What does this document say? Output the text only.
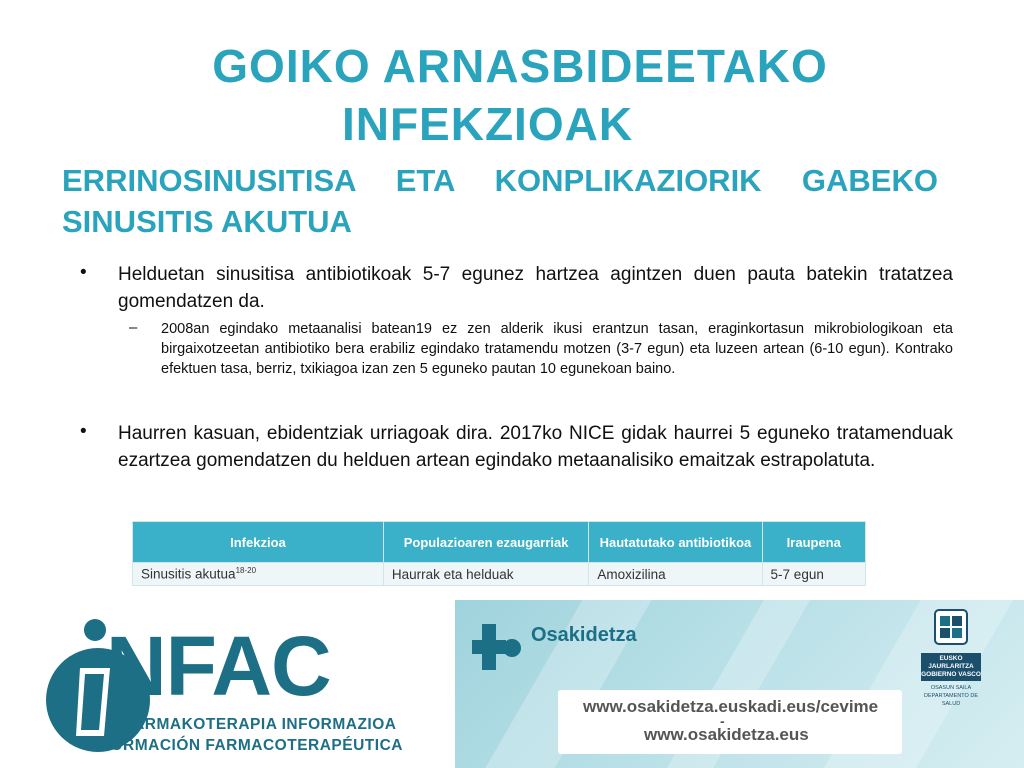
GOIKO ARNASBIDEETAKO
INFEKZIOAK
ERRINOSINUSITISA ETA KONPLIKAZIORIK GABEKO SINUSITIS AKUTUA
• Helduetan sinusitisa antibiotikoak 5-7 egunez hartzea agintzen duen pauta batekin tratatzea gomendatzen da.

– 2008an egindako metaanalisi batean19 ez zen alderik ikusi erantzun tasan, eraginkortasun mikrobiologikoan eta birgaixotzeetan antibiotiko bera erabiliz egindako tratamendu motzen (3-7 egun) eta luzeen artean (6-10 egun). Kontrako efektuen tasa, berriz, txikiagoa izan zen 5 eguneko pautan 10 egunekoan baino.

• Haurren kasuan, ebidentziak urriagoak dira. 2017ko NICE gidak haurrei 5 eguneko tratamenduak ezartzea gomendatzen du helduen artean egindako metaanalisiko emaitzak estrapolatuta.

Infekzioa	Populazioaren ezaugarriak	Hautatutako antibiotikoa	Iraupena
Sinusitis akutua$^{18-20}$	Haurrak eta helduak	Amoxizilina	5-7 egun
NFAC
FARMAKOTERAPIA INFORMAZIOA
INFORMACIÓN FARMACOTERAPÉUTICA
Osakidetza
www.osakidetza.euskadi.eus/cevime
-
www.osakidetza.eus
EUSKO JAURLARITZA
GOBIERNO VASCO
OSASUN SAILA
DEPARTAMENTO DE SALUD
